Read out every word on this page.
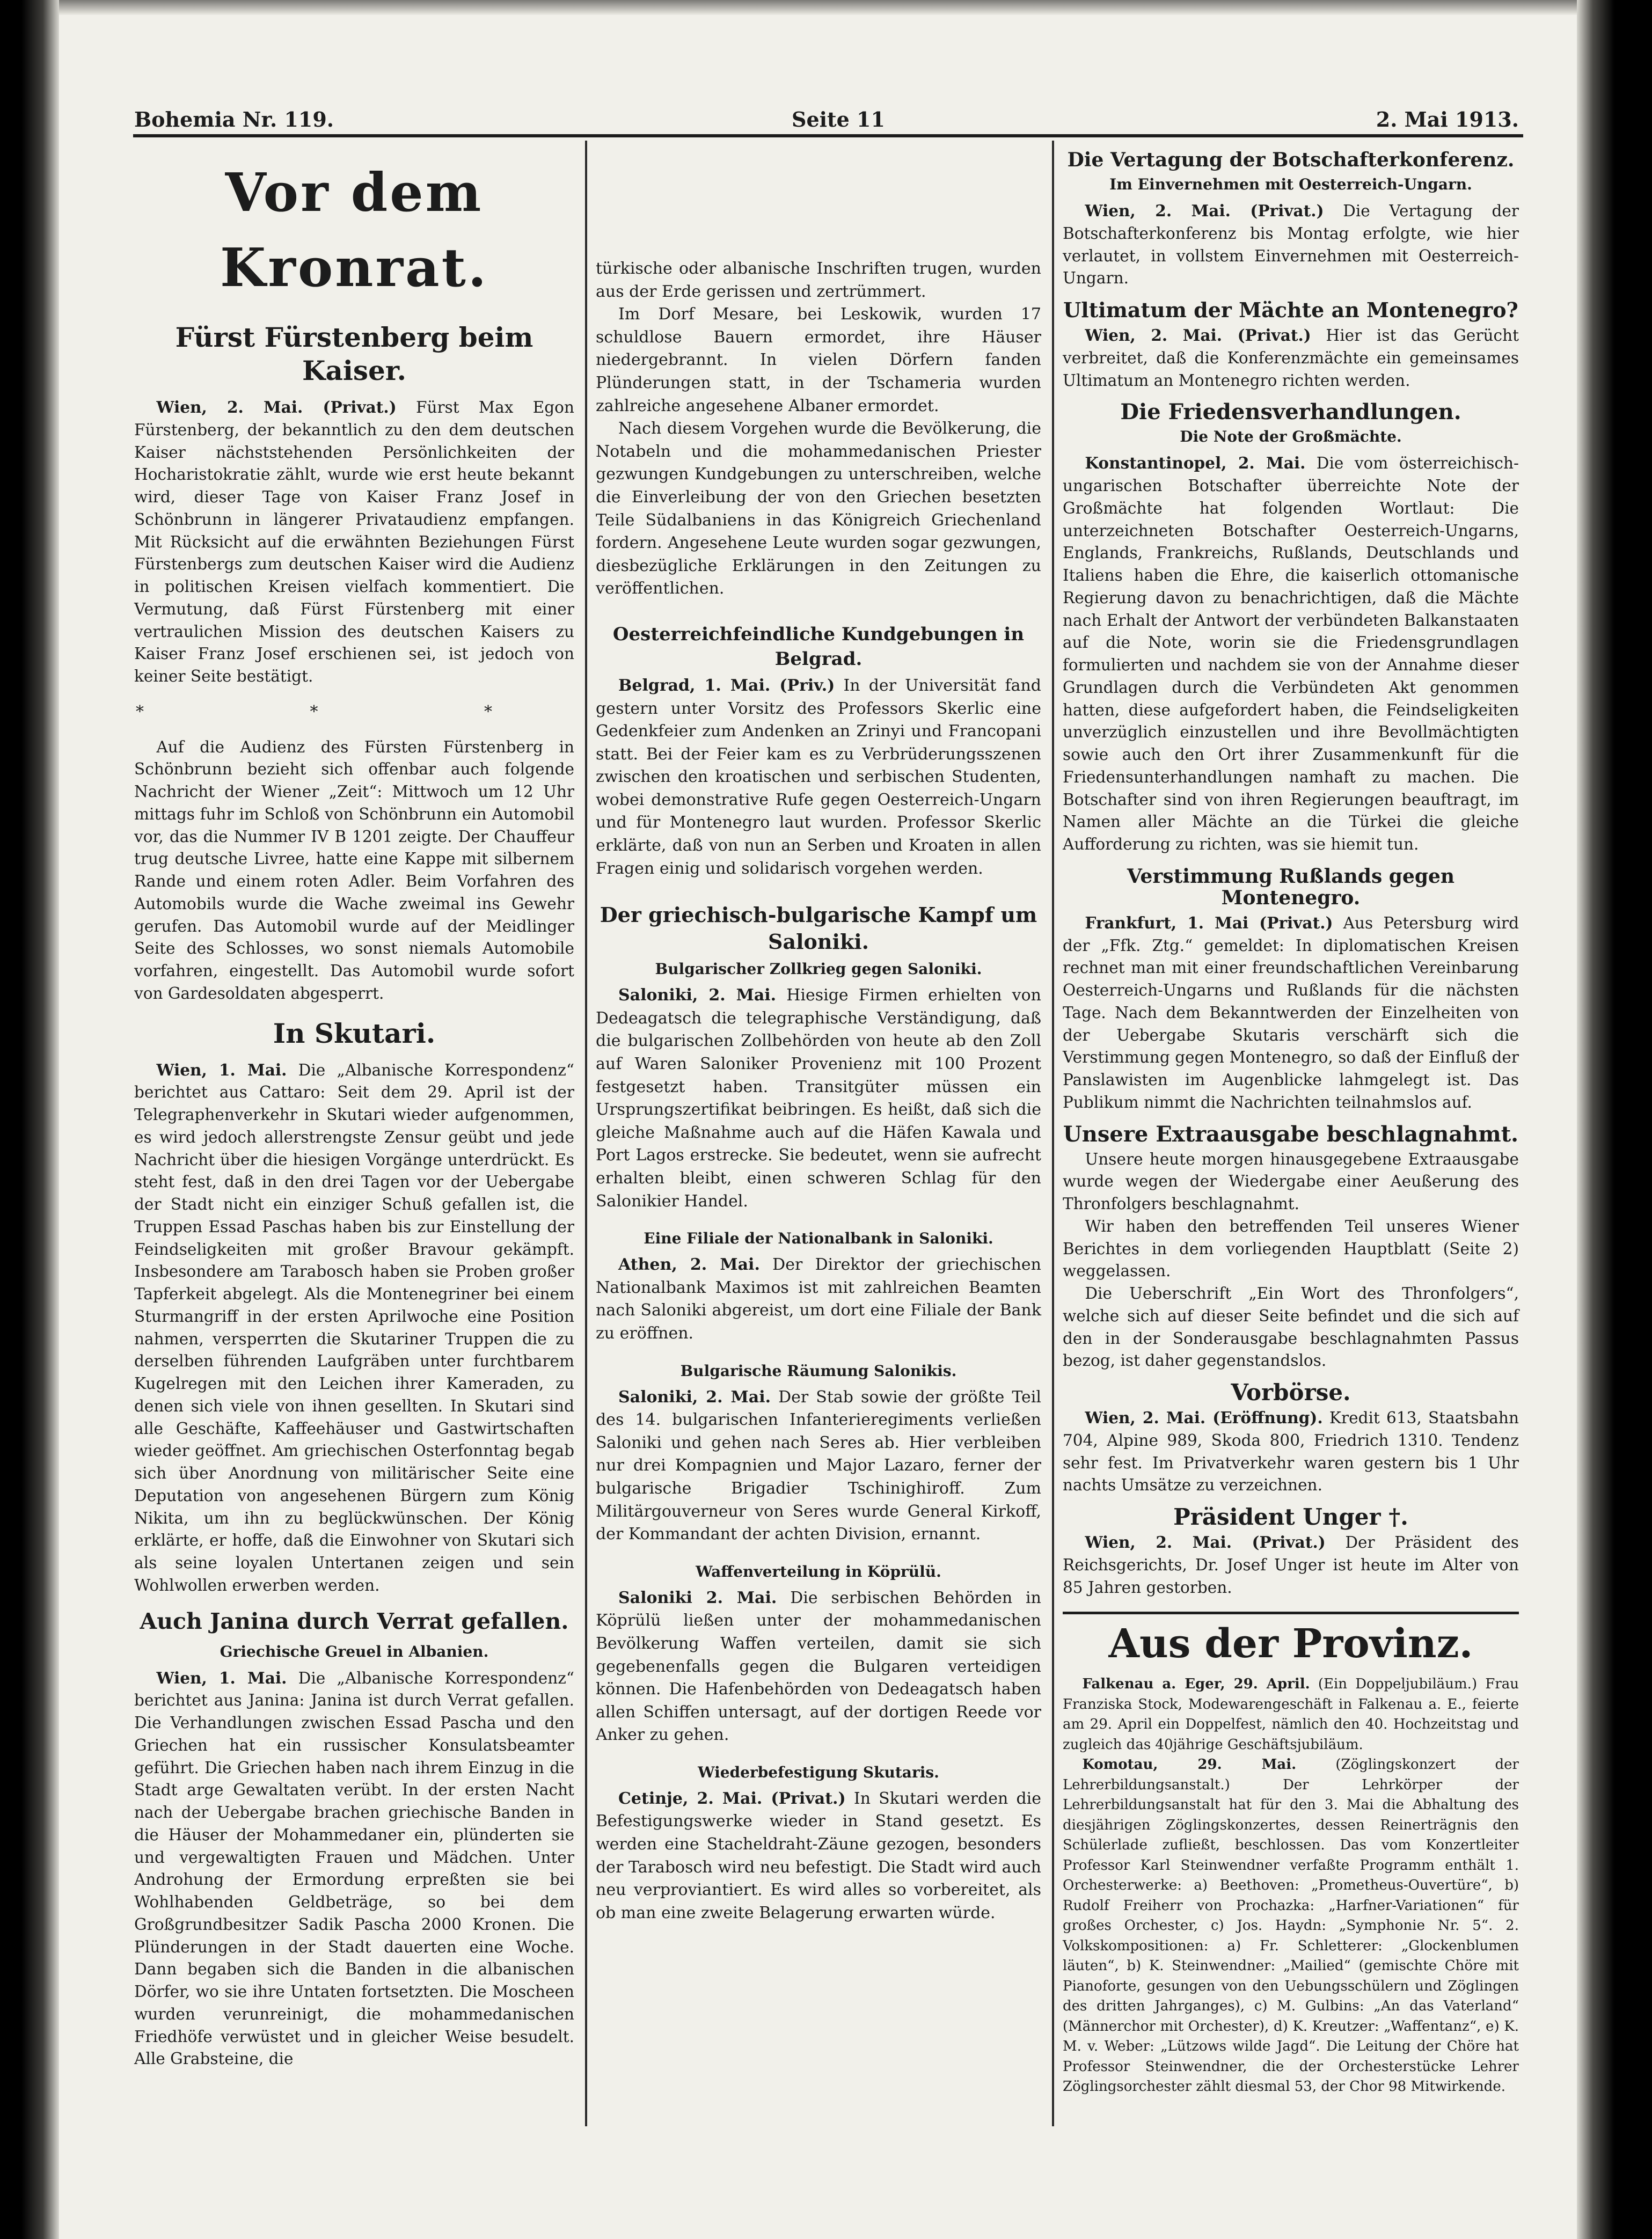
Bohemia Nr. 119.	Seite 11	2. Mai 1913.
Vor dem Kronrat.
Fürst Fürstenberg beim Kaiser.

Wien, 2. Mai. (Privat.) Fürst Max Egon Fürstenberg, der bekanntlich zu den dem deutschen Kaiser nächststehenden Persönlichkeiten der Hocharistokratie zählt, wurde wie erst heute bekannt wird, dieser Tage von Kaiser Franz Josef in Schönbrunn in längerer Privataudienz empfangen. Mit Rücksicht auf die erwähnten Beziehungen Fürst Fürstenbergs zum deutschen Kaiser wird die Audienz in politischen Kreisen vielfach kommentiert. Die Vermutung, daß Fürst Fürstenberg mit einer vertraulichen Mission des deutschen Kaisers zu Kaiser Franz Josef erschienen sei, ist jedoch von keiner Seite bestätigt.

* * *

Auf die Audienz des Fürsten Fürstenberg in Schönbrunn bezieht sich offenbar auch folgende Nachricht der Wiener „Zeit“: Mittwoch um 12 Uhr mittags fuhr im Schloß von Schönbrunn ein Automobil vor, das die Nummer IV B 1201 zeigte. Der Chauffeur trug deutsche Livree, hatte eine Kappe mit silbernem Rande und einem roten Adler. Beim Vorfahren des Automobils wurde die Wache zweimal ins Gewehr gerufen. Das Automobil wurde auf der Meidlinger Seite des Schlosses, wo sonst niemals Automobile vorfahren, eingestellt. Das Automobil wurde sofort von Gardesoldaten abgesperrt.

In Skutari.

Wien, 1. Mai. Die „Albanische Korrespondenz“ berichtet aus Cattaro: Seit dem 29. April ist der Telegraphenverkehr in Skutari wieder aufgenommen, es wird jedoch allerstrengste Zensur geübt und jede Nachricht über die hiesigen Vorgänge unterdrückt. Es steht fest, daß in den drei Tagen vor der Uebergabe der Stadt nicht ein einziger Schuß gefallen ist, die Truppen Essad Paschas haben bis zur Einstellung der Feindseligkeiten mit großer Bravour gekämpft. Insbesondere am Tarabosch haben sie Proben großer Tapferkeit abgelegt. Als die Montenegriner bei einem Sturmangriff in der ersten Aprilwoche eine Position nahmen, versperrten die Skutariner Truppen die zu derselben führenden Laufgräben unter furchtbarem Kugelregen mit den Leichen ihrer Kameraden, zu denen sich viele von ihnen gesellten. In Skutari sind alle Geschäfte, Kaffeehäuser und Gastwirtschaften wieder geöffnet. Am griechischen Osterfonntag begab sich über Anordnung von militärischer Seite eine Deputation von angesehenen Bürgern zum König Nikita, um ihn zu beglückwünschen. Der König erklärte, er hoffe, daß die Einwohner von Skutari sich als seine loyalen Untertanen zeigen und sein Wohlwollen erwerben werden.

Auch Janina durch Verrat gefallen.
Griechische Greuel in Albanien.

Wien, 1. Mai. Die „Albanische Korrespondenz“ berichtet aus Janina: Janina ist durch Verrat gefallen. Die Verhandlungen zwischen Essad Pascha und den Griechen hat ein russischer Konsulatsbeamter geführt. Die Griechen haben nach ihrem Einzug in die Stadt arge Gewaltaten verübt. In der ersten Nacht nach der Uebergabe brachen griechische Banden in die Häuser der Mohammedaner ein, plünderten sie und vergewaltigten Frauen und Mädchen. Unter Androhung der Ermordung erpreßten sie bei Wohlhabenden Geldbeträge, so bei dem Großgrundbesitzer Sadik Pascha 2000 Kronen. Die Plünderungen in der Stadt dauerten eine Woche. Dann begaben sich die Banden in die albanischen Dörfer, wo sie ihre Untaten fortsetzten. Die Moscheen wurden verunreinigt, die mohammedanischen Friedhöfe verwüstet und in gleicher Weise besudelt. Alle Grabsteine, die

türkische oder albanische Inschriften trugen, wurden aus der Erde gerissen und zertrümmert.

Im Dorf Mesare, bei Leskowik, wurden 17 schuldlose Bauern ermordet, ihre Häuser niedergebrannt. In vielen Dörfern fanden Plünderungen statt, in der Tschameria wurden zahlreiche angesehene Albaner ermordet.

Nach diesem Vorgehen wurde die Bevölkerung, die Notabeln und die mohammedanischen Priester gezwungen Kundgebungen zu unterschreiben, welche die Einverleibung der von den Griechen besetzten Teile Südalbaniens in das Königreich Griechenland fordern. Angesehene Leute wurden sogar gezwungen, diesbezügliche Erklärungen in den Zeitungen zu veröffentlichen.

Oesterreichfeindliche Kundgebungen in Belgrad.

Belgrad, 1. Mai. (Priv.) In der Universität fand gestern unter Vorsitz des Professors Skerlic eine Gedenkfeier zum Andenken an Zrinyi und Francopani statt. Bei der Feier kam es zu Verbrüderungsszenen zwischen den kroatischen und serbischen Studenten, wobei demonstrative Rufe gegen Oesterreich-Ungarn und für Montenegro laut wurden. Professor Skerlic erklärte, daß von nun an Serben und Kroaten in allen Fragen einig und solidarisch vorgehen werden.

Der griechisch-bulgarische Kampf um Saloniki.
Bulgarischer Zollkrieg gegen Saloniki.

Saloniki, 2. Mai. Hiesige Firmen erhielten von Dedeagatsch die telegraphische Verständigung, daß die bulgarischen Zollbehörden von heute ab den Zoll auf Waren Saloniker Provenienz mit 100 Prozent festgesetzt haben. Transitgüter müssen ein Ursprungszertifikat beibringen. Es heißt, daß sich die gleiche Maßnahme auch auf die Häfen Kawala und Port Lagos erstrecke. Sie bedeutet, wenn sie aufrecht erhalten bleibt, einen schweren Schlag für den Salonikier Handel.

Eine Filiale der Nationalbank in Saloniki.

Athen, 2. Mai. Der Direktor der griechischen Nationalbank Maximos ist mit zahlreichen Beamten nach Saloniki abgereist, um dort eine Filiale der Bank zu eröffnen.

Bulgarische Räumung Salonikis.

Saloniki, 2. Mai. Der Stab sowie der größte Teil des 14. bulgarischen Infanterieregiments verließen Saloniki und gehen nach Seres ab. Hier verbleiben nur drei Kompagnien und Major Lazaro, ferner der bulgarische Brigadier Tschinighiroff. Zum Militärgouverneur von Seres wurde General Kirkoff, der Kommandant der achten Division, ernannt.

Waffenverteilung in Köprülü.

Saloniki 2. Mai. Die serbischen Behörden in Köprülü ließen unter der mohammedanischen Bevölkerung Waffen verteilen, damit sie sich gegebenenfalls gegen die Bulgaren verteidigen können. Die Hafenbehörden von Dedeagatsch haben allen Schiffen untersagt, auf der dortigen Reede vor Anker zu gehen.

Wiederbefestigung Skutaris.

Cetinje, 2. Mai. (Privat.) In Skutari werden die Befestigungswerke wieder in Stand gesetzt. Es werden eine Stacheldraht-Zäune gezogen, besonders der Tarabosch wird neu befestigt. Die Stadt wird auch neu verproviantiert. Es wird alles so vorbereitet, als ob man eine zweite Belagerung erwarten würde.

Die Vertagung der Botschafterkonferenz.
Im Einvernehmen mit Oesterreich-Ungarn.

Wien, 2. Mai. (Privat.) Die Vertagung der Botschafterkonferenz bis Montag erfolgte, wie hier verlautet, in vollstem Einvernehmen mit Oesterreich-Ungarn.

Ultimatum der Mächte an Montenegro?

Wien, 2. Mai. (Privat.) Hier ist das Gerücht verbreitet, daß die Konferenzmächte ein gemeinsames Ultimatum an Montenegro richten werden.

Die Friedensverhandlungen.
Die Note der Großmächte.

Konstantinopel, 2. Mai. Die vom österreichisch-ungarischen Botschafter überreichte Note der Großmächte hat folgenden Wortlaut: Die unterzeichneten Botschafter Oesterreich-Ungarns, Englands, Frankreichs, Rußlands, Deutschlands und Italiens haben die Ehre, die kaiserlich ottomanische Regierung davon zu benachrichtigen, daß die Mächte nach Erhalt der Antwort der verbündeten Balkanstaaten auf die Note, worin sie die Friedensgrundlagen formulierten und nachdem sie von der Annahme dieser Grundlagen durch die Verbündeten Akt genommen hatten, diese aufgefordert haben, die Feindseligkeiten unverzüglich einzustellen und ihre Bevollmächtigten sowie auch den Ort ihrer Zusammenkunft für die Friedensunterhandlungen namhaft zu machen. Die Botschafter sind von ihren Regierungen beauftragt, im Namen aller Mächte an die Türkei die gleiche Aufforderung zu richten, was sie hiemit tun.

Verstimmung Rußlands gegen Montenegro.

Frankfurt, 1. Mai (Privat.) Aus Petersburg wird der „Ffk. Ztg.“ gemeldet: In diplomatischen Kreisen rechnet man mit einer freundschaftlichen Vereinbarung Oesterreich-Ungarns und Rußlands für die nächsten Tage. Nach dem Bekanntwerden der Einzelheiten von der Uebergabe Skutaris verschärft sich die Verstimmung gegen Montenegro, so daß der Einfluß der Panslawisten im Augenblicke lahmgelegt ist. Das Publikum nimmt die Nachrichten teilnahmslos auf.

Unsere Extraausgabe beschlagnahmt.

Unsere heute morgen hinausgegebene Extraausgabe wurde wegen der Wiedergabe einer Aeußerung des Thronfolgers beschlagnahmt.

Wir haben den betreffenden Teil unseres Wiener Berichtes in dem vorliegenden Hauptblatt (Seite 2) weggelassen.

Die Ueberschrift „Ein Wort des Thronfolgers“, welche sich auf dieser Seite befindet und die sich auf den in der Sonderausgabe beschlagnahmten Passus bezog, ist daher gegenstandslos.

Vorbörse.

Wien, 2. Mai. (Eröffnung). Kredit 613, Staatsbahn 704, Alpine 989, Skoda 800, Friedrich 1310. Tendenz sehr fest. Im Privatverkehr waren gestern bis 1 Uhr nachts Umsätze zu verzeichnen.

Präsident Unger †.

Wien, 2. Mai. (Privat.) Der Präsident des Reichsgerichts, Dr. Josef Unger ist heute im Alter von 85 Jahren gestorben.

Aus der Provinz.

Falkenau a. Eger, 29. April. (Ein Doppeljubiläum.) Frau Franziska Stock, Modewarengeschäft in Falkenau a. E., feierte am 29. April ein Doppelfest, nämlich den 40. Hochzeitstag und zugleich das 40jährige Geschäftsjubiläum.

Komotau, 29. Mai.	(Zöglingskonzert der Lehrerbildungsanstalt.) Der Lehrkörper der Lehrerbildungsanstalt hat für den 3. Mai die Abhaltung des diesjährigen Zöglingskonzertes, dessen Reinerträgnis den Schülerlade zufließt, beschlossen. Das vom Konzertleiter Professor Karl Steinwendner verfaßte Programm enthält 1. Orchesterwerke: a) Beethoven: „Prometheus-Ouvertüre“, b) Rudolf Freiherr von Prochazka: „Harfner-Variationen“ für großes Orchester, c) Jos. Haydn: „Symphonie Nr. 5“. 2. Volkskompositionen: a) Fr. Schletterer: „Glockenblumen läuten“, b) K. Steinwendner: „Mailied“ (gemischte Chöre mit Pianoforte, gesungen von den Uebungsschülern und Zöglingen des dritten Jahrganges), c) M. Gulbins: „An das Vaterland“ (Männerchor mit Orchester), d) K. Kreutzer: „Waffentanz“, e) K. M. v. Weber: „Lützows wilde Jagd“. Die Leitung der Chöre hat Professor Steinwendner, die der Orchesterstücke Lehrer Zöglingsorchester zählt diesmal 53, der Chor 98 Mitwirkende.
